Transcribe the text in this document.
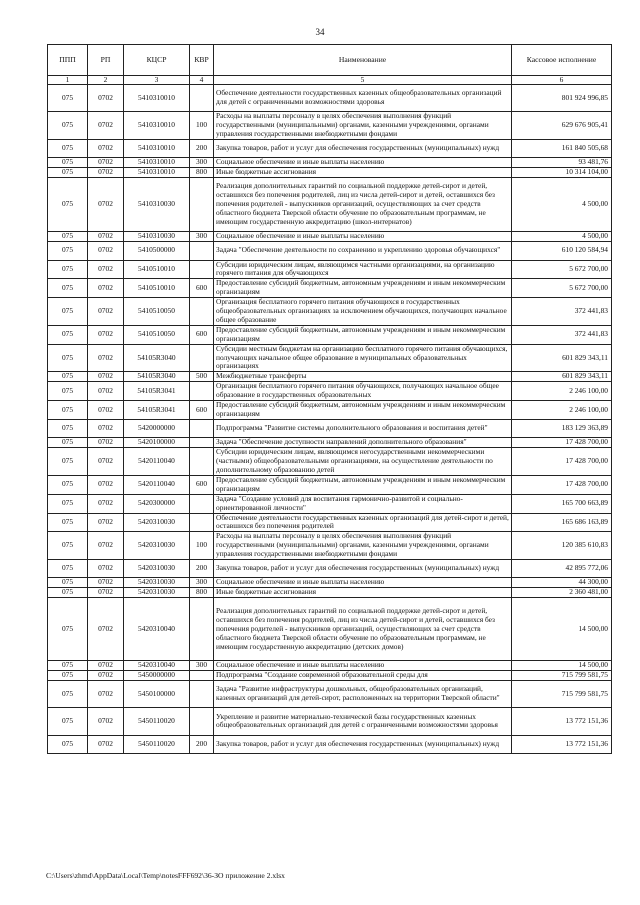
34
ППП	РП	КЦСР	КВР	Наименование	Кассовое исполнение
1	2	3	4	5	6
075	0702	5410310010		Обеспечение деятельности государственных казенных общеобразовательных организаций для детей с ограниченными возможностями здоровья	801 924 996,85
075	0702	5410310010	100	Расходы на выплаты персоналу в целях обеспечения выполнения функций государственными (муниципальными) органами, казенными учреждениями, органами управления государственными внебюджетными фондами	629 676 905,41
075	0702	5410310010	200	Закупка товаров, работ и услуг для обеспечения государственных (муниципальных) нужд	161 840 505,68
075	0702	5410310010	300	Социальное обеспечение и иные выплаты населению	93 481,76
075	0702	5410310010	800	Иные бюджетные ассигнования	10 314 104,00
075	0702	5410310030		Реализация дополнительных гарантий по социальной поддержке детей-сирот и детей, оставшихся без попечения родителей, лиц из числа детей-сирот и детей, оставшихся без попечения родителей - выпускников организаций, осуществляющих за счет средств областного бюджета Тверской области обучение по образовательным программам, не имеющим государственную аккредитацию (школ-интернатов)	4 500,00
075	0702	5410310030	300	Социальное обеспечение и иные выплаты населению	4 500,00
075	0702	5410500000		Задача "Обеспечение деятельности по сохранению и укреплению здоровья обучающихся"	610 120 584,94
075	0702	5410510010		Субсидии юридическим лицам, являющимся частными организациями, на организацию горячего питания для обучающихся	5 672 700,00
075	0702	5410510010	600	Предоставление субсидий бюджетным, автономным учреждениям и иным некоммерческим организациям	5 672 700,00
075	0702	5410510050		Организация бесплатного горячего питания обучающихся в государственных общеобразовательных организациях за исключением обучающихся, получающих начальное общее образование	372 441,83
075	0702	5410510050	600	Предоставление субсидий бюджетным, автономным учреждениям и иным некоммерческим организациям	372 441,83
075	0702	54105R3040		Субсидии местным бюджетам на организацию бесплатного горячего питания обучающихся, получающих начальное общее образование в муниципальных образовательных организациях	601 829 343,11
075	0702	54105R3040	500	Межбюджетные трансферты	601 829 343,11
075	0702	54105R3041		Организация бесплатного горячего питания обучающихся, получающих начальное общее образование в государственных образовательных	2 246 100,00
075	0702	54105R3041	600	Предоставление субсидий бюджетным, автономным учреждениям и иным некоммерческим организациям	2 246 100,00
075	0702	5420000000		Подпрограмма "Развитие системы дополнительного образования и воспитания детей"	183 129 363,89
075	0702	5420100000		Задача "Обеспечение доступности направлений дополнительного образования"	17 428 700,00
075	0702	5420110040		Субсидии юридическим лицам, являющимся негосударственными некоммерческими (частными) общеобразовательными организациями, на осуществление деятельности по дополнительному образованию детей	17 428 700,00
075	0702	5420110040	600	Предоставление субсидий бюджетным, автономным учреждениям и иным некоммерческим организациям	17 428 700,00
075	0702	5420300000		Задача "Создание условий для воспитания гармонично-развитой и социально-ориентированной личности"	165 700 663,89
075	0702	5420310030		Обеспечение деятельности государственных казенных организаций для детей-сирот и детей, оставшихся без попечения родителей	165 686 163,89
075	0702	5420310030	100	Расходы на выплаты персоналу в целях обеспечения выполнения функций государственными (муниципальными) органами, казенными учреждениями, органами управления государственными внебюджетными фондами	120 385 610,83
075	0702	5420310030	200	Закупка товаров, работ и услуг для обеспечения государственных (муниципальных) нужд	42 895 772,06
075	0702	5420310030	300	Социальное обеспечение и иные выплаты населению	44 300,00
075	0702	5420310030	800	Иные бюджетные ассигнования	2 360 481,00
075	0702	5420310040		Реализация дополнительных гарантий по социальной поддержке детей-сирот и детей, оставшихся без попечения родителей, лиц из числа детей-сирот и детей, оставшихся без попечения родителей - выпускников организаций, осуществляющих за счет средств областного бюджета Тверской области обучение по образовательным программам, не имеющим государственную аккредитацию (детских домов)	14 500,00
075	0702	5420310040	300	Социальное обеспечение и иные выплаты населению	14 500,00
075	0702	5450000000		Подпрограмма "Создание современной образовательной среды для	715 799 581,75
075	0702	5450100000		Задача "Развитие инфраструктуры дошкольных, общеобразовательных организаций, казенных организаций для детей-сирот, расположенных на территории Тверской области"	715 799 581,75
075	0702	5450110020		Укрепление и развитие материально-технической базы государственных казенных общеобразовательных организаций для детей с ограниченными возможностями здоровья	13 772 151,36
075	0702	5450110020	200	Закупка товаров, работ и услуг для обеспечения государственных (муниципальных) нужд	13 772 151,36
C:\Users\zhmd\AppData\Local\Temp\notesFFF692\36-ЗО приложение 2.xlsx
